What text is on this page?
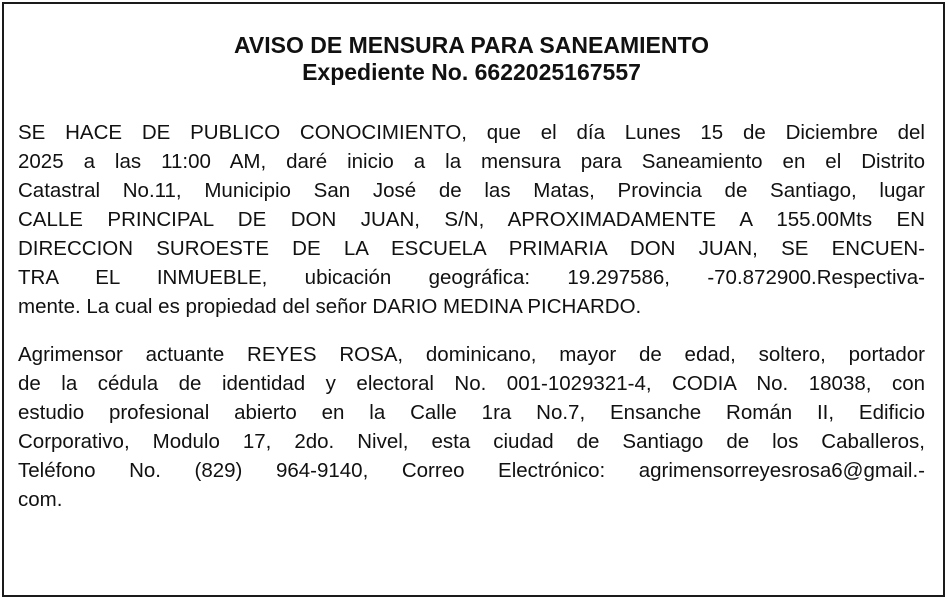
AVISO DE MENSURA PARA SANEAMIENTO
Expediente No. 6622025167557
SE HACE DE PUBLICO CONOCIMIENTO, que el día Lunes 15 de Diciembre del
2025 a las 11:00 AM, daré inicio a la mensura para Saneamiento en el Distrito
Catastral No.11, Municipio San José de las Matas, Provincia de Santiago, lugar
CALLE PRINCIPAL DE DON JUAN, S/N, APROXIMADAMENTE A 155.00Mts EN
DIRECCION SUROESTE DE LA ESCUELA PRIMARIA DON JUAN, SE ENCUEN-
TRA EL INMUEBLE, ubicación geográfica: 19.297586, -70.872900.Respectiva-
mente. La cual es propiedad del señor DARIO MEDINA PICHARDO.
Agrimensor actuante REYES ROSA, dominicano, mayor de edad, soltero, portador
de la cédula de identidad y electoral No. 001-1029321-4, CODIA No. 18038, con
estudio profesional abierto en la Calle 1ra No.7, Ensanche Román II, Edificio
Corporativo, Modulo 17, 2do. Nivel, esta ciudad de Santiago de los Caballeros,
Teléfono No. (829) 964-9140, Correo Electrónico: agrimensorreyesrosa6@gmail.-
com.
